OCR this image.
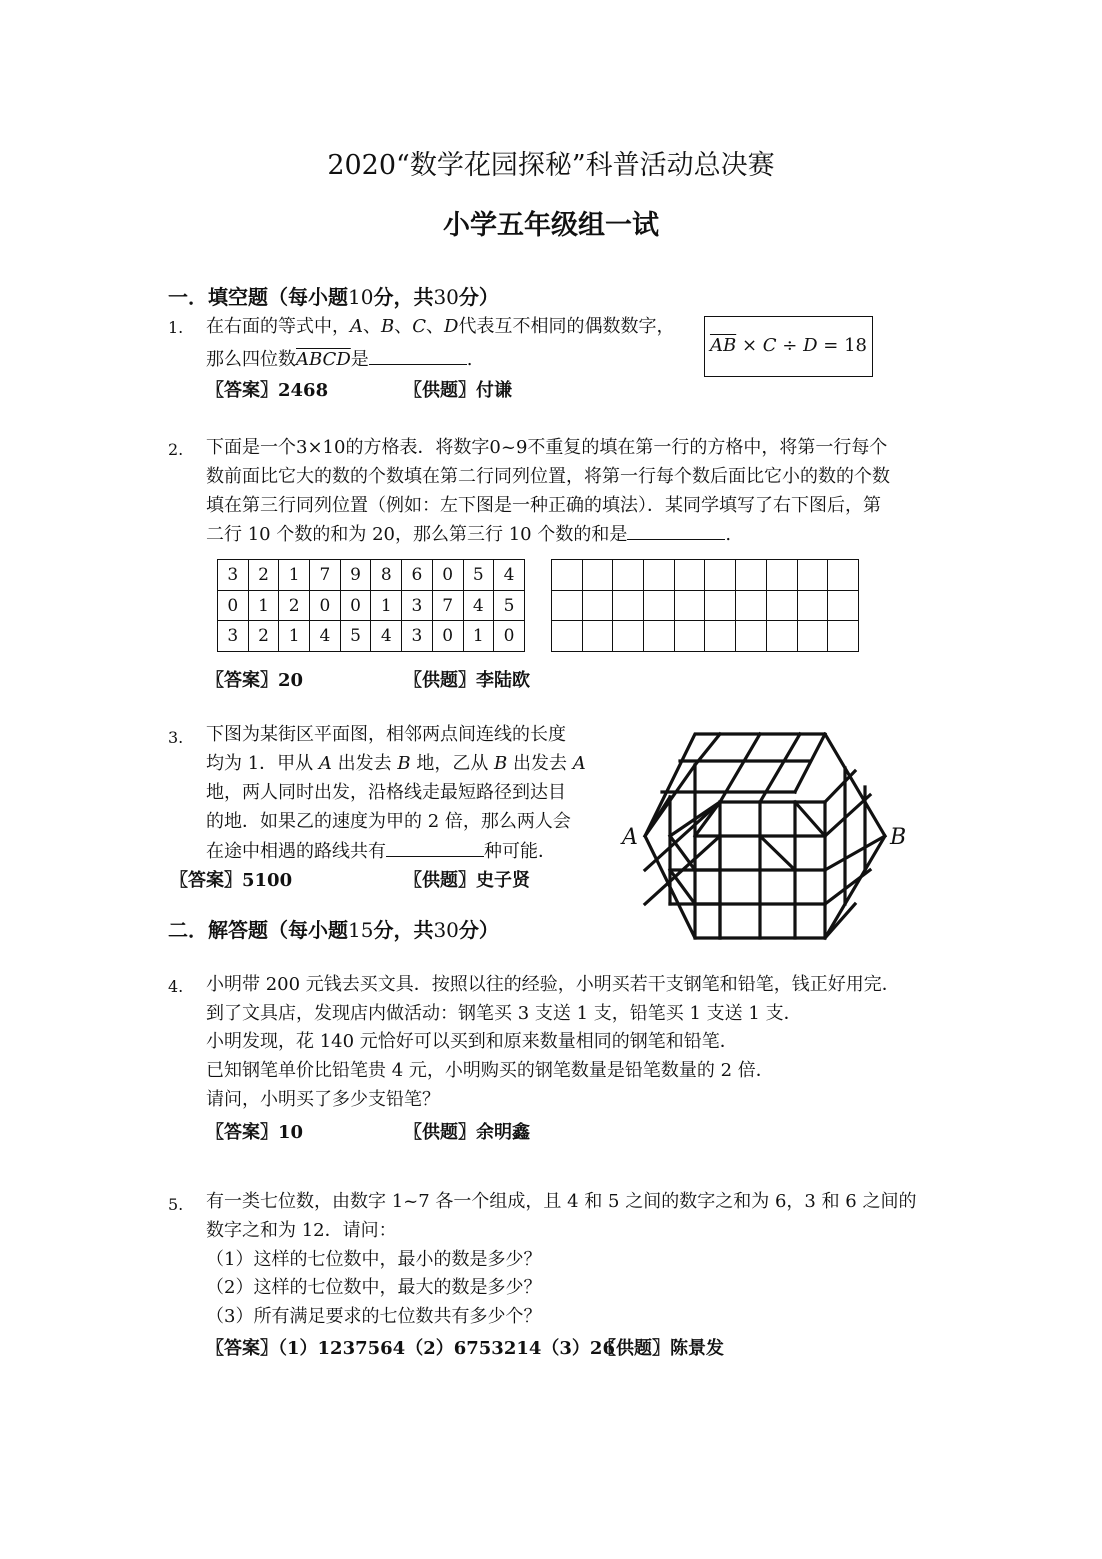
2020“数学花园探秘”科普活动总决赛
小学五年级组一试
一．填空题（每小题10分，共30分）
1. 在右面的等式中，A、B、C、D代表互不相同的偶数数字，
那么四位数ABCD是	.
$\overline{AB} \times C \div D = 18$
〖答案〗2468	〖供题〗付谦
2. 下面是一个3×10的方格表．将数字0~9不重复的填在第一行的方格中，将第一行每个
数前面比它大的数的个数填在第二行同列位置，将第一行每个数后面比它小的数的个数
填在第三行同列位置（例如：左下图是一种正确的填法）．某同学填写了右下图后，第
二行 10 个数的和为 20，那么第三行 10 个数的和是	.
3	2	1	7	9	8	6	0	5	4
0	1	2	0	0	1	3	7	4	5
3	2	1	4	5	4	3	0	1	0

〖答案〗20	〖供题〗李陆欧
3. 下图为某街区平面图，相邻两点间连线的长度
均为 1．甲从 A 出发去 B 地，乙从 B 出发去 A
地，两人同时出发，沿格线走最短路径到达目
的地．如果乙的速度为甲的 2 倍，那么两人会
在途中相遇的路线共有	种可能．
〖答案〗5100	〖供题〗史子贤
A	B
二．解答题（每小题15分，共30分）
4. 小明带 200 元钱去买文具．按照以往的经验，小明买若干支钢笔和铅笔，钱正好用完．
到了文具店，发现店内做活动：钢笔买 3 支送 1 支，铅笔买 1 支送 1 支．
小明发现，花 140 元恰好可以买到和原来数量相同的钢笔和铅笔．
已知钢笔单价比铅笔贵 4 元，小明购买的钢笔数量是铅笔数量的 2 倍．
请问，小明买了多少支铅笔？
〖答案〗10	〖供题〗余明鑫
5. 有一类七位数，由数字 1~7 各一个组成，且 4 和 5 之间的数字之和为 6，3 和 6 之间的
数字之和为 12．请问：
（1）这样的七位数中，最小的数是多少？
（2）这样的七位数中，最大的数是多少？
（3）所有满足要求的七位数共有多少个？
〖答案〗（1）1237564（2）6753214（3）26
〖供题〗陈景发
